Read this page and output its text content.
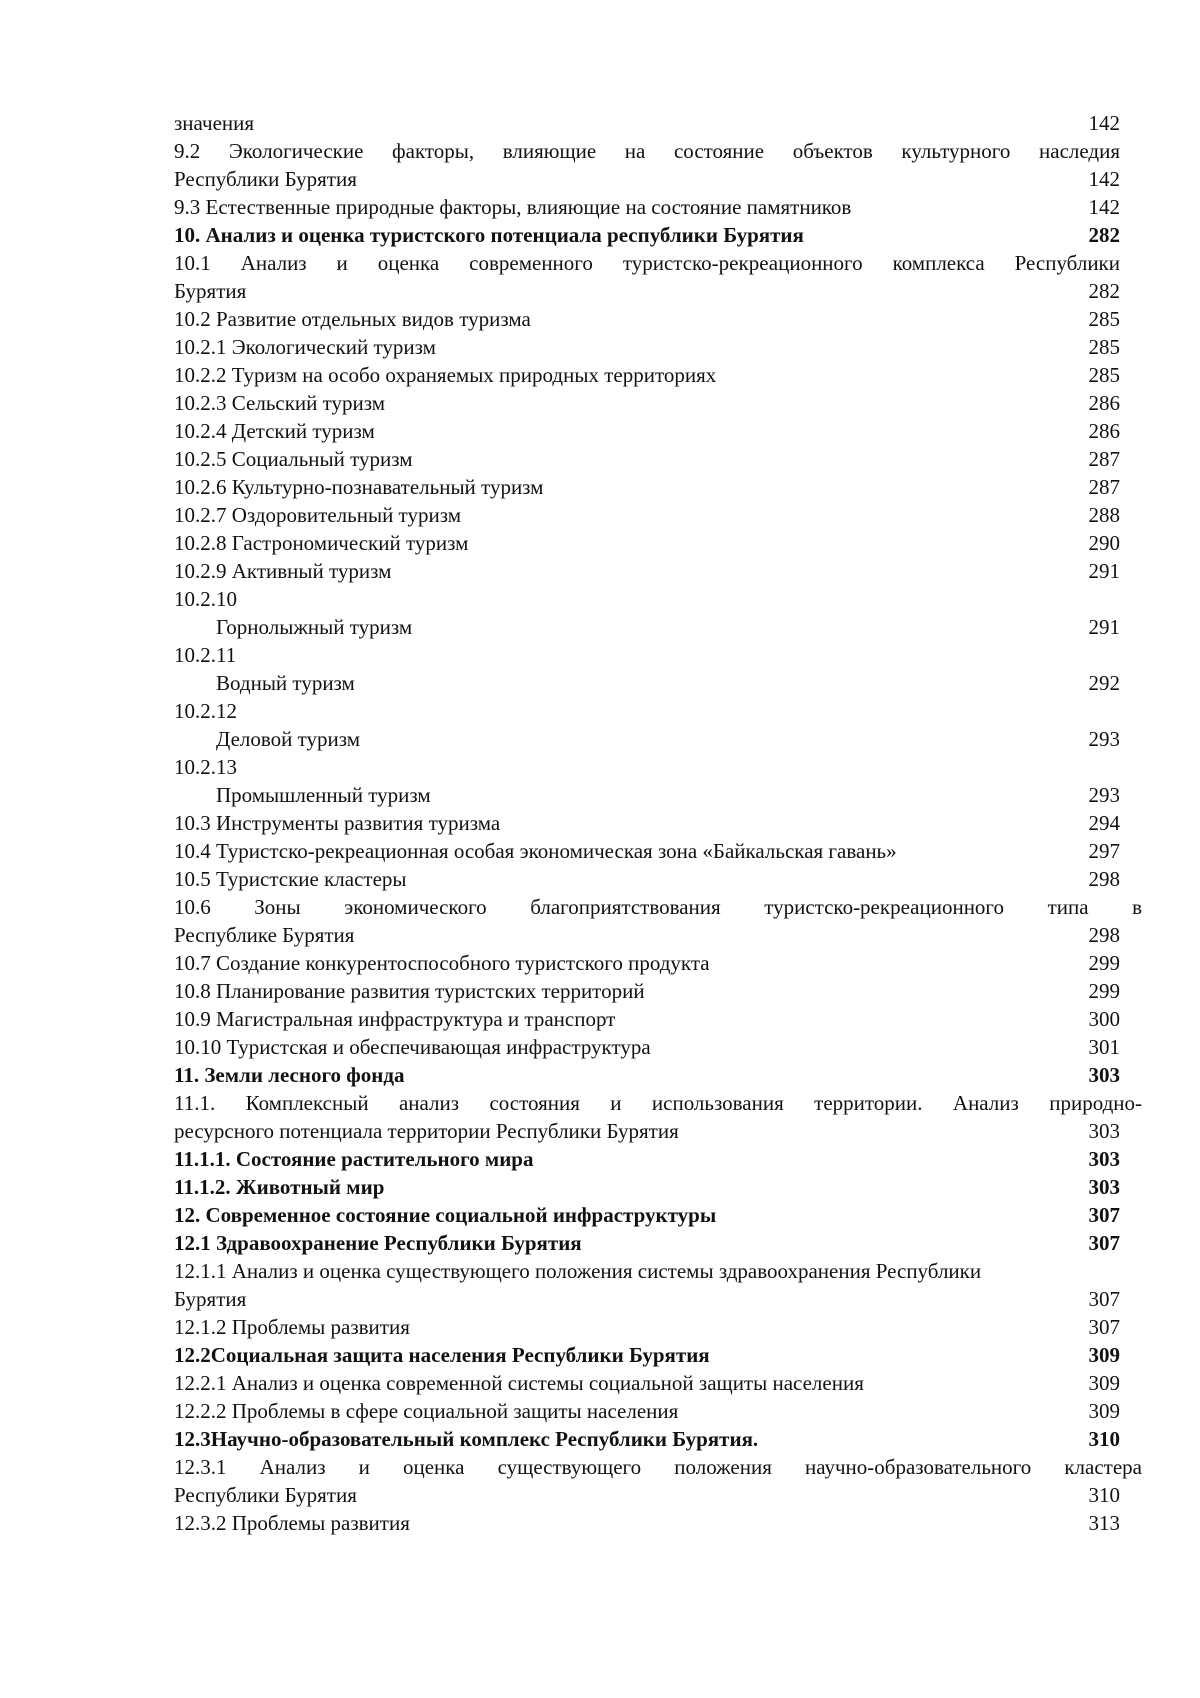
значения	142
9.2 Экологические факторы, влияющие на состояние объектов культурного наследия
Республики Бурятия	142
9.3 Естественные природные факторы, влияющие на состояние памятников	142
10. Анализ и оценка туристского потенциала республики Бурятия	282
10.1 Анализ и оценка современного туристско-рекреационного комплекса Республики
Бурятия	282
10.2 Развитие отдельных видов туризма	285
10.2.1 Экологический туризм	285
10.2.2 Туризм на особо охраняемых природных территориях	285
10.2.3 Сельский туризм	286
10.2.4 Детский туризм	286
10.2.5 Социальный туризм	287
10.2.6 Культурно-познавательный туризм	287
10.2.7 Оздоровительный туризм	288
10.2.8 Гастрономический туризм	290
10.2.9 Активный туризм	291
10.2.10
Горнолыжный туризм	291
10.2.11
Водный туризм	292
10.2.12
Деловой туризм	293
10.2.13
Промышленный туризм	293
10.3 Инструменты развития туризма	294
10.4 Туристско-рекреационная особая экономическая зона «Байкальская гавань»	297
10.5 Туристские кластеры	298
10.6 Зоны экономического благоприятствования туристско-рекреационного типа в
Республике Бурятия	298
10.7 Создание конкурентоспособного туристского продукта	299
10.8 Планирование развития туристских территорий	299
10.9 Магистральная инфраструктура и транспорт	300
10.10 Туристская и обеспечивающая инфраструктура	301
11. Земли лесного фонда	303
11.1. Комплексный анализ состояния и использования территории. Анализ природно-
ресурсного потенциала территории Республики Бурятия	303
11.1.1. Состояние растительного мира	303
11.1.2. Животный мир	303
12. Современное состояние социальной инфраструктуры	307
12.1 Здравоохранение Республики Бурятия	307
12.1.1 Анализ и оценка существующего положения системы здравоохранения Республики
Бурятия	307
12.1.2 Проблемы развития	307
12.2Социальная защита населения Республики Бурятия	309
12.2.1 Анализ и оценка современной системы социальной защиты населения	309
12.2.2 Проблемы в сфере социальной защиты населения	309
12.3Научно-образовательный комплекс Республики Бурятия.	310
12.3.1 Анализ и оценка существующего положения научно-образовательного кластера
Республики Бурятия	310
12.3.2 Проблемы развития	313
